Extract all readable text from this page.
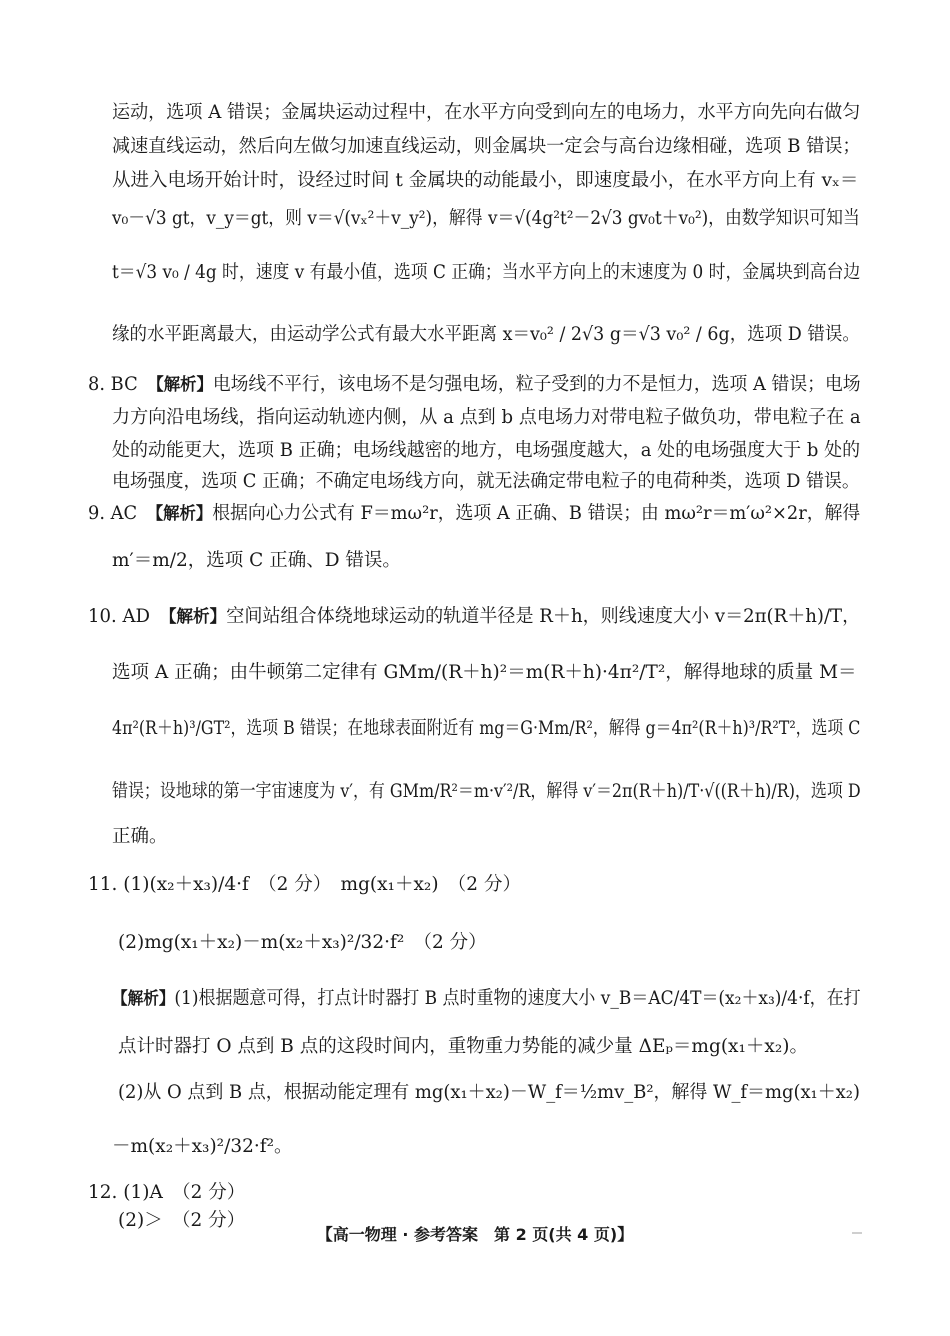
运动，选项 A 错误；金属块运动过程中，在水平方向受到向左的电场力，水平方向先向右做匀
减速直线运动，然后向左做匀加速直线运动，则金属块一定会与高台边缘相碰，选项 B 错误；
从进入电场开始计时，设经过时间 t 金属块的动能最小，即速度最小，在水平方向上有 vₓ＝
v₀－√3 gt，v_y＝gt，则 v＝√(vₓ²＋v_y²)，解得 v＝√(4g²t²－2√3 gv₀t＋v₀²)，由数学知识可知当
t＝√3 v₀ / 4g 时，速度 v 有最小值，选项 C 正确；当水平方向上的末速度为 0 时，金属块到高台边
缘的水平距离最大，由运动学公式有最大水平距离 x＝v₀² / 2√3 g＝√3 v₀² / 6g，选项 D 错误。
8. BC　 【解析】电场线不平行，该电场不是匀强电场，粒子受到的力不是恒力，选项 A 错误；电场
力方向沿电场线，指向运动轨迹内侧，从 a 点到 b 点电场力对带电粒子做负功，带电粒子在 a
处的动能更大，选项 B 正确；电场线越密的地方，电场强度越大，a 处的电场强度大于 b 处的
电场强度，选项 C 正确；不确定电场线方向，就无法确定带电粒子的电荷种类，选项 D 错误。
9. AC　 【解析】根据向心力公式有 F＝mω²r，选项 A 正确、B 错误；由 mω²r＝m′ω²×2r，解得
m′＝m/2，选项 C 正确、D 错误。
10. AD　 【解析】空间站组合体绕地球运动的轨道半径是 R＋h，则线速度大小 v＝2π(R＋h)/T，
选项 A 正确；由牛顿第二定律有 GMm/(R＋h)²＝m(R＋h)·4π²/T²，解得地球的质量 M＝
4π²(R＋h)³/GT²，选项 B 错误；在地球表面附近有 mg＝G·Mm/R²，解得 g＝4π²(R＋h)³/R²T²，选项 C
错误；设地球的第一宇宙速度为 v′，有 GMm/R²＝m·v′²/R，解得 v′＝2π(R＋h)/T·√((R＋h)/R)，选项 D
正确。
11. (1)(x₂＋x₃)/4·f　（2 分）　mg(x₁＋x₂)　（2 分）
(2)mg(x₁＋x₂)－m(x₂＋x₃)²/32·f²　（2 分）
【解析】(1)根据题意可得，打点计时器打 B 点时重物的速度大小 v_B＝AC/4T＝(x₂＋x₃)/4·f，在打
点计时器打 O 点到 B 点的这段时间内，重物重力势能的减少量 ΔEₚ＝mg(x₁＋x₂)。
(2)从 O 点到 B 点，根据动能定理有 mg(x₁＋x₂)－W_f＝½mv_B²，解得 W_f＝mg(x₁＋x₂)
－m(x₂＋x₃)²/32·f²。
12. (1)A　（2 分）
(2)＞　（2 分）
【高一物理 · 参考答案　第 2 页(共 4 页)】
